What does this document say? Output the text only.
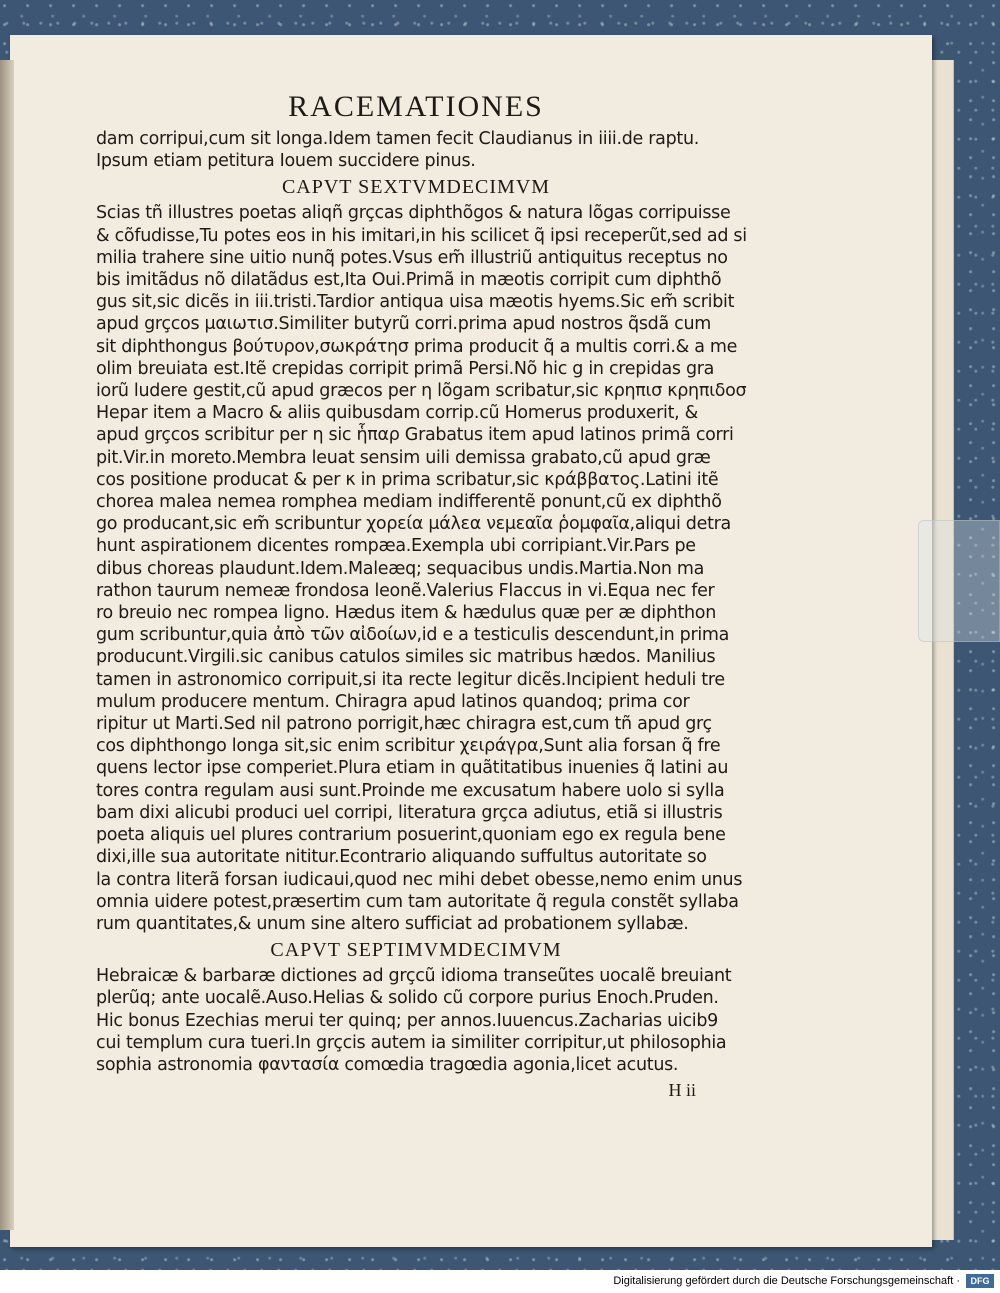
RACEMATIONES
dam corripui,cum sit longa.Idem tamen fecit Claudianus in iiii.de raptu.
Ipsum etiam petitura Iouem succidere pinus.
CAPVT SEXTVMDECIMVM
Scias tñ illustres poetas aliqñ grçcas diphthõgos & natura lõgas corripuisse
& cõfudisse,Tu potes eos in his imitari,in his scilicet q̃ ipsi receperũt,sed ad si
milia trahere sine uitio nunq̃ potes.Vsus em̃ illustriũ antiquitus receptus no
bis imitãdus nõ dilatãdus est,Ita Oui.Primã in mæotis corripit cum diphthõ
gus sit,sic dicẽs in iii.tristi.Tardior antiqua uisa mæotis hyems.Sic em̃ scribit
apud grçcos μαιωτισ.Similiter butyrũ corri.prima apud nostros q̃sdã cum
sit diphthongus βούτυρον,σωκράτησ prima producit q̃ a multis corri.& a me
olim breuiata est.Itẽ crepidas corripit primã Persi.Nõ hic g in crepidas gra
iorũ ludere gestit,cũ apud græcos per η lõgam scribatur,sic κρηπισ κρηπιδοσ
Hepar item a Macro & aliis quibusdam corrip.cũ Homerus produxerit, &
apud grçcos scribitur per η sic ἧπαρ Grabatus item apud latinos primã corri
pit.Vir.in moreto.Membra leuat sensim uili demissa grabato,cũ apud græ
cos positione producat & per κ in prima scribatur,sic κράββατος.Latini itẽ
chorea malea nemea romphea mediam indifferentẽ ponunt,cũ ex diphthõ
go producant,sic em̃ scribuntur χορεία μάλεα νεμεαῖα ῥομφαῖα,aliqui detra
hunt aspirationem dicentes rompæa.Exempla ubi corripiant.Vir.Pars pe
dibus choreas plaudunt.Idem.Maleæq; sequacibus undis.Martia.Non ma
rathon taurum nemeæ frondosa leonẽ.Valerius Flaccus in vi.Equa nec fer
ro breuio nec rompea ligno. Hædus item & hædulus quæ per æ diphthon
gum scribuntur,quia ἀπὸ τῶν αἰδοίων,id e a testiculis descendunt,in prima
producunt.Virgili.sic canibus catulos similes sic matribus hædos. Manilius
tamen in astronomico corripuit,si ita recte legitur dicẽs.Incipient heduli tre
mulum producere mentum. Chiragra apud latinos quandoq; prima cor
ripitur ut Marti.Sed nil patrono porrigit,hæc chiragra est,cum tñ apud grç
cos diphthongo longa sit,sic enim scribitur χειράγρα,Sunt alia forsan q̃ fre
quens lector ipse comperiet.Plura etiam in quãtitatibus inuenies q̃ latini au
tores contra regulam ausi sunt.Proinde me excusatum habere uolo si sylla
bam dixi alicubi produci uel corripi, literatura grçca adiutus, etiã si illustris
poeta aliquis uel plures contrarium posuerint,quoniam ego ex regula bene
dixi,ille sua autoritate nititur.Econtrario aliquando suffultus autoritate so
la contra literã forsan iudicaui,quod nec mihi debet obesse,nemo enim unus
omnia uidere potest,præsertim cum tam autoritate q̃ regula constẽt syllaba
rum quantitates,& unum sine altero sufficiat ad probationem syllabæ.
CAPVT SEPTIMVMDECIMVM
Hebraicæ & barbaræ dictiones ad grçcũ idioma transeũtes uocalẽ breuiant
plerũq; ante uocalẽ.Auso.Helias & solido cũ corpore purius Enoch.Pruden.
Hic bonus Ezechias merui ter quinq; per annos.Iuuencus.Zacharias uicib9
cui templum cura tueri.In grçcis autem ia similiter corripitur,ut philosophia
sophia astronomia φαντασία comœdia tragœdia agonia,licet acutus.
H ii
Digitalisierung gefördert durch die Deutsche Forschungsgemeinschaft ·	DFG
